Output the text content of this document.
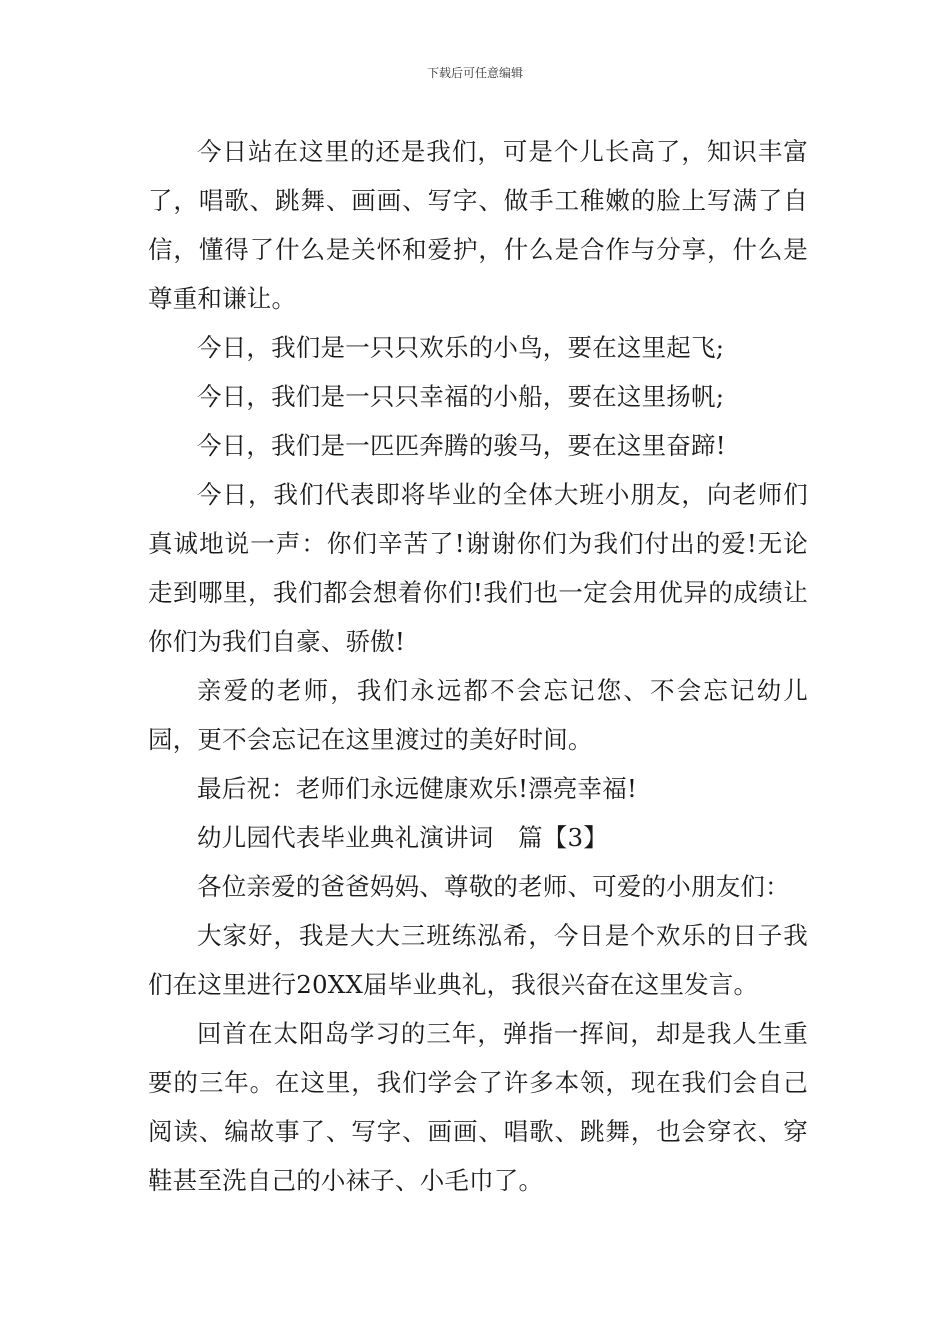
下载后可任意编辑

今日站在这里的还是我们，可是个儿长高了，知识丰富了，唱歌、跳舞、画画、写字、做手工稚嫩的脸上写满了自信，懂得了什么是关怀和爱护，什么是合作与分享，什么是尊重和谦让。

今日，我们是一只只欢乐的小鸟，要在这里起飞;

今日，我们是一只只幸福的小船，要在这里扬帆;

今日，我们是一匹匹奔腾的骏马，要在这里奋蹄!

今日，我们代表即将毕业的全体大班小朋友，向老师们真诚地说一声：你们辛苦了!谢谢你们为我们付出的爱!无论走到哪里，我们都会想着你们!我们也一定会用优异的成绩让你们为我们自豪、骄傲!

亲爱的老师，我们永远都不会忘记您、不会忘记幼儿园，更不会忘记在这里渡过的美好时间。

最后祝：老师们永远健康欢乐!漂亮幸福!

幼儿园代表毕业典礼演讲词　篇【3】

各位亲爱的爸爸妈妈、尊敬的老师、可爱的小朋友们：

大家好，我是大大三班练泓希，今日是个欢乐的日子我们在这里进行20XX届毕业典礼，我很兴奋在这里发言。

回首在太阳岛学习的三年，弹指一挥间，却是我人生重要的三年。在这里，我们学会了许多本领，现在我们会自己阅读、编故事了、写字、画画、唱歌、跳舞，也会穿衣、穿鞋甚至洗自己的小袜子、小毛巾了。
